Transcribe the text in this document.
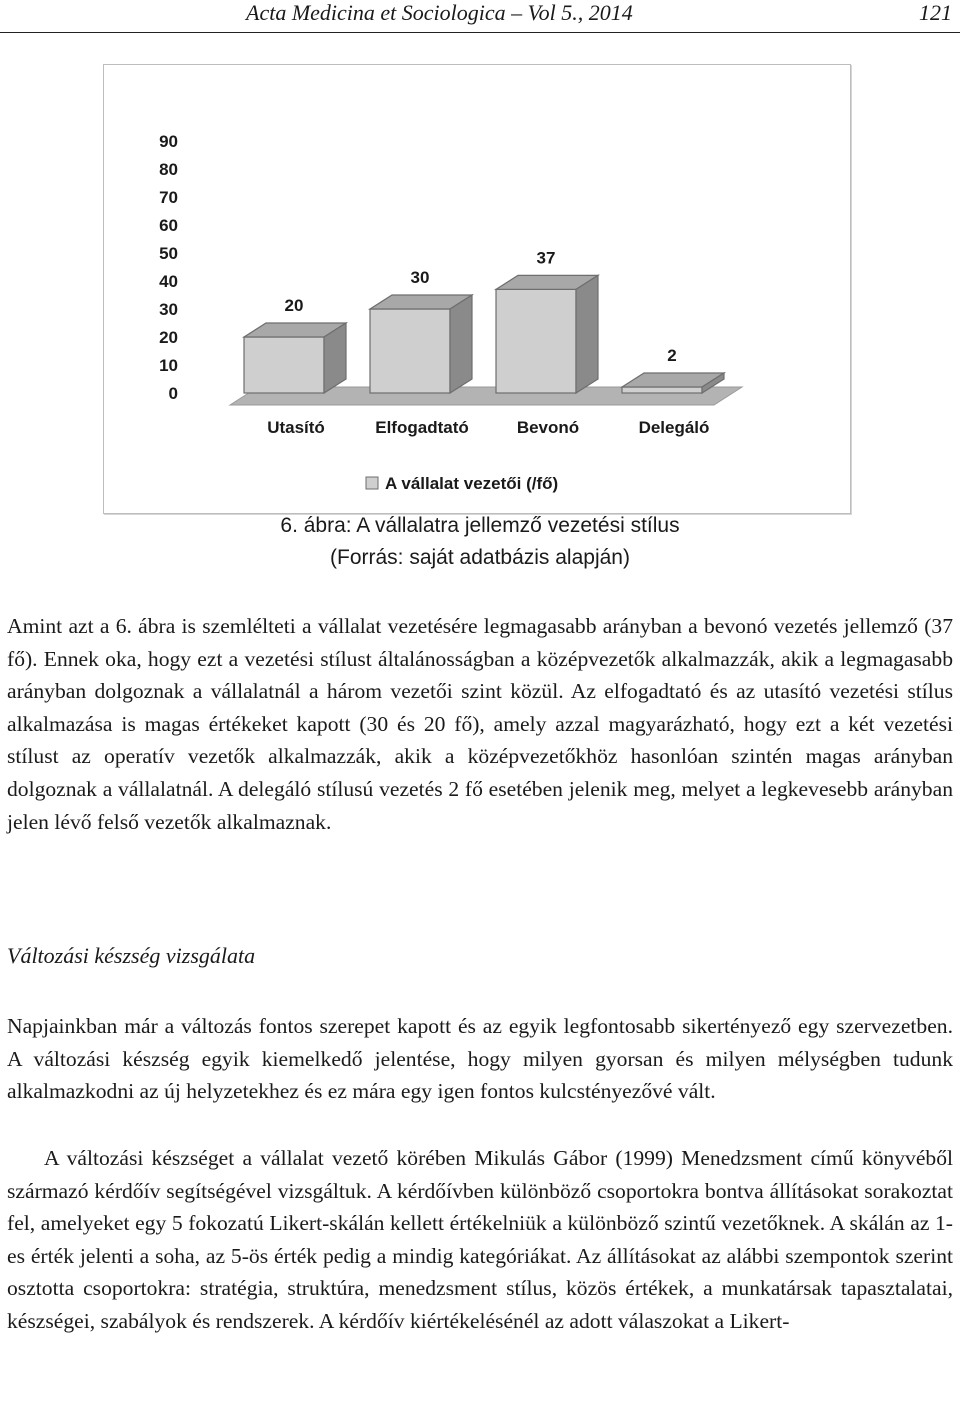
Acta Medicina et Sociologica – Vol 5., 2014	121
0
10
20
30
40
50
60
70
80
90
20
Utasító
30
Elfogadtató
37
Bevonó
2
Delegáló
A vállalat vezetői (/fő)
6. ábra: A vállalatra jellemző vezetési stílus
(Forrás: saját adatbázis alapján)

Amint azt a 6. ábra is szemlélteti a vállalat vezetésére legmagasabb arányban a bevonó vezetés jellemző (37 fő). Ennek oka, hogy ezt a vezetési stílust általánosságban a középvezetők alkalmazzák, akik a legmagasabb arányban dolgoznak a vállalatnál a három vezetői szint közül. Az elfogadtató és az utasító vezetési stílus alkalmazása is magas értékeket kapott (30 és 20 fő), amely azzal magyarázható, hogy ezt a két vezetési stílust az operatív vezetők alkalmazzák, akik a középvezetőkhöz hasonlóan szintén magas arányban dolgoznak a vállalatnál. A delegáló stílusú vezetés 2 fő esetében jelenik meg, melyet a legkevesebb arányban jelen lévő felső vezetők alkalmaznak.

Változási készség vizsgálata

Napjainkban már a változás fontos szerepet kapott és az egyik legfontosabb sikertényező egy szervezetben. A változási készség egyik kiemelkedő jelentése, hogy milyen gyorsan és milyen mélységben tudunk alkalmazkodni az új helyzetekhez és ez mára egy igen fontos kulcstényezővé vált.

A változási készséget a vállalat vezető körében Mikulás Gábor (1999) Menedzsment című könyvéből származó kérdőív segítségével vizsgáltuk. A kérdőívben különböző csoportokra bontva állításokat sorakoztat fel, amelyeket egy 5 fokozatú Likert-skálán kellett értékelniük a különböző szintű vezetőknek. A skálán az 1-es érték jelenti a soha, az 5-ös érték pedig a mindig kategóriákat. Az állításokat az alábbi szempontok szerint osztotta csoportokra: stratégia, struktúra, menedzsment stílus, közös értékek, a munkatársak tapasztalatai, készségei, szabályok és rendszerek. A kérdőív kiértékelésénél az adott válaszokat a Likert-
